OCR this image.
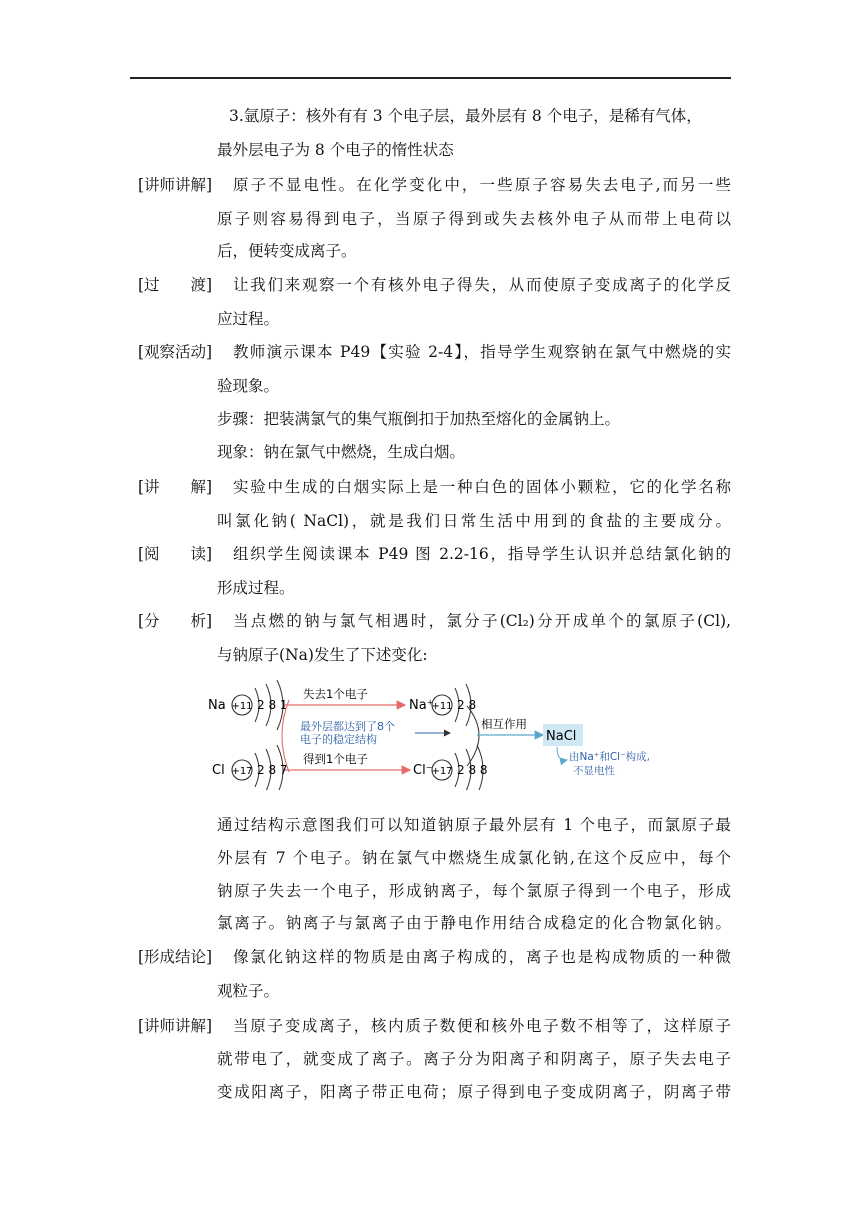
3.氩原子：核外有有 3 个电子层，最外层有 8 个电子，是稀有气体，
最外层电子为 8 个电子的惰性状态
[讲师讲解] 原子不显电性。在化学变化中，一些原子容易失去电子,而另一些
原子则容易得到电子，当原子得到或失去核外电子从而带上电荷以
后，便转变成离子。
[过　　渡] 让我们来观察一个有核外电子得失，从而使原子变成离子的化学反
应过程。
[观察活动] 教师演示课本 P49【实验 2-4】，指导学生观察钠在氯气中燃烧的实
验现象。
步骤：把装满氯气的集气瓶倒扣于加热至熔化的金属钠上。
现象：钠在氯气中燃烧，生成白烟。
[讲　　解] 实验中生成的白烟实际上是一种白色的固体小颗粒，它的化学名称
叫氯化钠( NaCl)，就是我们日常生活中用到的食盐的主要成分。
[阅　　读] 组织学生阅读课本 P49 图 2.2-16，指导学生认识并总结氯化钠的
形成过程。
[分　　析] 当点燃的钠与氯气相遇时，氯分子(Cl₂)分开成单个的氯原子(Cl),
与钠原子(Na)发生了下述变化:
Na +11 2 8 1
失去1个电子
Na⁺
+11 2 8
最外层都达到了8个
电子的稳定结构
相互作用
NaCl
由Na⁺和Cl⁻构成,
不显电性
Cl +17 2 8 7
得到1个电子
Cl⁻
+17 2 8 8
通过结构示意图我们可以知道钠原子最外层有 1 个电子，而氯原子最
外层有 7 个电子。钠在氯气中燃烧生成氯化钠,在这个反应中，每个
钠原子失去一个电子，形成钠离子，每个氯原子得到一个电子，形成
氯离子。钠离子与氯离子由于静电作用结合成稳定的化合物氯化钠。
[形成结论] 像氯化钠这样的物质是由离子构成的，离子也是构成物质的一种微
观粒子。
[讲师讲解] 当原子变成离子，核内质子数便和核外电子数不相等了，这样原子
就带电了，就变成了离子。离子分为阳离子和阴离子，原子失去电子
变成阳离子，阳离子带正电荷；原子得到电子变成阴离子，阴离子带
